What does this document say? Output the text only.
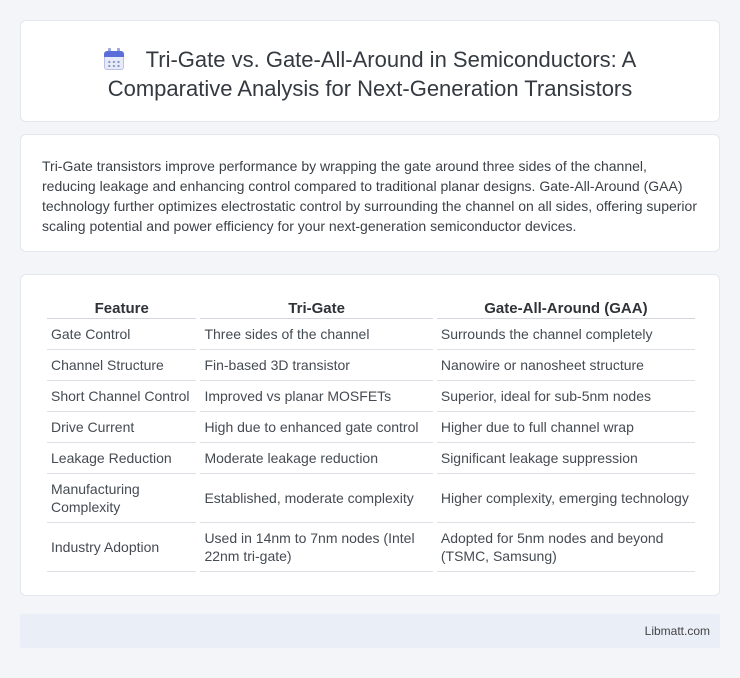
Tri-Gate vs. Gate-All-Around in Semiconductors: A Comparative Analysis for Next-Generation Transistors

Tri-Gate transistors improve performance by wrapping the gate around three sides of the channel, reducing leakage and enhancing control compared to traditional planar designs. Gate-All-Around (GAA) technology further optimizes electrostatic control by surrounding the channel on all sides, offering superior scaling potential and power efficiency for your next-generation semiconductor devices.

Feature	Tri-Gate	Gate-All-Around (GAA)
Gate Control	Three sides of the channel	Surrounds the channel completely
Channel Structure	Fin-based 3D transistor	Nanowire or nanosheet structure
Short Channel Control	Improved vs planar MOSFETs	Superior, ideal for sub-5nm nodes
Drive Current	High due to enhanced gate control	Higher due to full channel wrap
Leakage Reduction	Moderate leakage reduction	Significant leakage suppression
Manufacturing Complexity	Established, moderate complexity	Higher complexity, emerging technology
Industry Adoption	Used in 14nm to 7nm nodes (Intel 22nm tri-gate)	Adopted for 5nm nodes and beyond (TSMC, Samsung)
Libmatt.com
